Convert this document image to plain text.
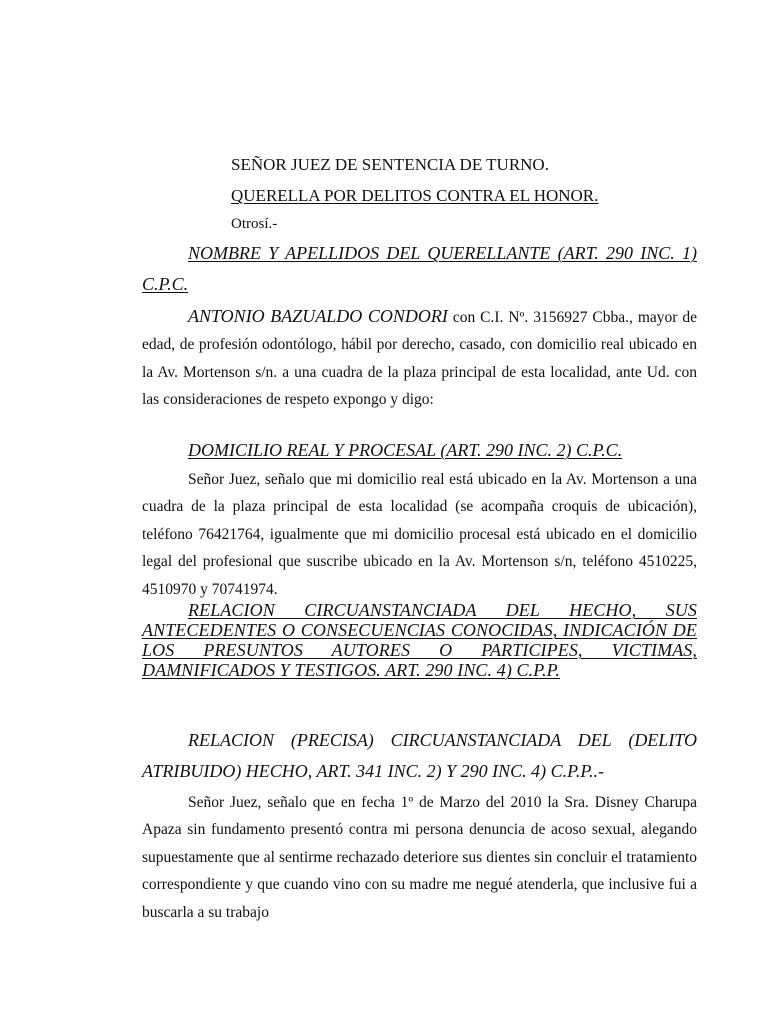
SEÑOR JUEZ DE SENTENCIA DE TURNO.
QUERELLA POR DELITOS CONTRA EL HONOR.
Otrosí.-

NOMBRE Y APELLIDOS DEL QUERELLANTE (ART. 290 INC. 1) C.P.C.

ANTONIO BAZUALDO CONDORI con C.I. Nº. 3156927 Cbba., mayor de edad, de profesión odontólogo, hábil por derecho, casado, con domicilio real ubicado en la Av. Mortenson s/n. a una cuadra de la plaza principal de esta localidad, ante Ud. con las consideraciones de respeto expongo y digo:

DOMICILIO REAL Y PROCESAL (ART. 290 INC. 2) C.P.C.

Señor Juez, señalo que mi domicilio real está ubicado en la Av. Mortenson a una cuadra de la plaza principal de esta localidad (se acompaña croquis de ubicación), teléfono 76421764, igualmente que mi domicilio procesal está ubicado en el domicilio legal del profesional que suscribe ubicado en la Av. Mortenson s/n, teléfono 4510225, 4510970 y 70741974.

RELACION CIRCUANSTANCIADA DEL HECHO, SUS ANTECEDENTES O CONSECUENCIAS CONOCIDAS, INDICACIÓN DE LOS PRESUNTOS AUTORES O PARTICIPES, VICTIMAS, DAMNIFICADOS Y TESTIGOS. ART. 290 INC. 4) C.P.P.

RELACION (PRECISA) CIRCUANSTANCIADA DEL (DELITO ATRIBUIDO) HECHO, ART. 341 INC. 2) Y 290 INC. 4) C.P.P..-

Señor Juez, señalo que en fecha 1º de Marzo del 2010 la Sra. Disney Charupa Apaza sin fundamento presentó contra mi persona denuncia de acoso sexual, alegando supuestamente que al sentirme rechazado deteriore sus dientes sin concluir el tratamiento correspondiente y que cuando vino con su madre me negué atenderla, que inclusive fui a buscarla a su trabajo
